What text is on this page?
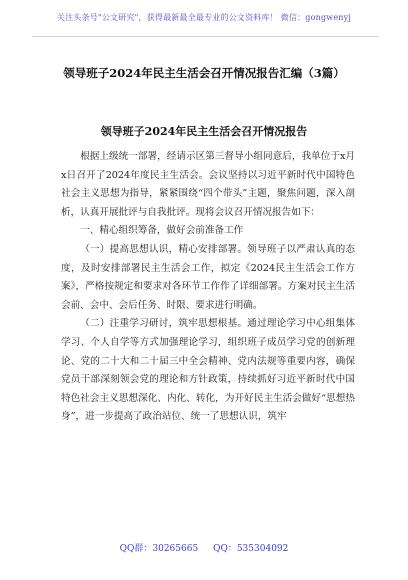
关注头条号"公文研究"，获得最新最全最专业的公文资料库！ 微信：gongwenyj
领导班子2024年民主生活会召开情况报告汇编（3篇）
领导班子2024年民主生活会召开情况报告

根据上级统一部署，经请示区第三督导小组同意后，我单位于x月x日召开了2024年度民主生活会。会议坚持以习近平新时代中国特色社会主义思想为指导，紧紧围绕“四个带头”主题，聚焦问题，深入剖析，认真开展批评与自我批评。现将会议召开情况报告如下：

一、精心组织筹备，做好会前准备工作

（一）提高思想认识，精心安排部署。领导班子以严肃认真的态度，及时安排部署民主生活会工作，拟定《2024民主生活会工作方案》，严格按规定和要求对各环节工作作了详细部署。方案对民主生活会前、会中、会后任务、时限、要求进行明确。

（二）注重学习研讨，筑牢思想根基。通过理论学习中心组集体学习、个人自学等方式加强理论学习，组织班子成员学习党的创新理论、党的二十大和二十届三中全会精神、党内法规等重要内容，确保党员干部深刻领会党的理论和方针政策，持续抓好习近平新时代中国特色社会主义思想深化、内化、转化，为开好民主生活会做好“思想热身”，进一步提高了政治站位、统一了思想认识，筑牢

QQ群：30265665 QQ：535304092
